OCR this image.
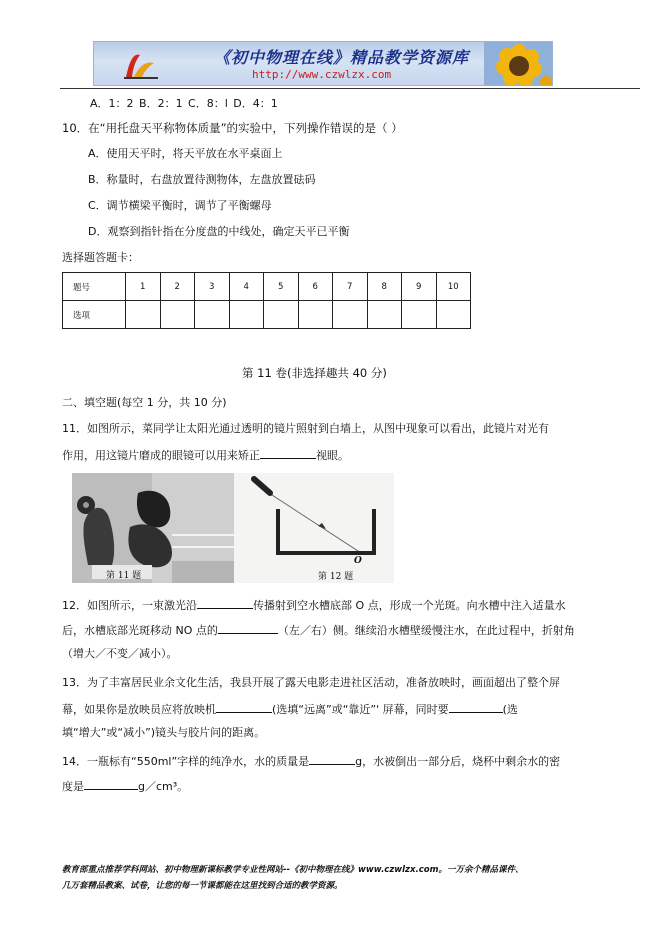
《初中物理在线》精品教学资源库
http://www.czwlzx.com
A．1：2 B．2：1 C．8：l D．4：1
10．在“用托盘天平称物体质量”的实验中，下列操作错误的是（ ）
A．使用天平时，将天平放在水平桌面上
B．称量时，右盘放置待测物体，左盘放置砝码
C．调节横梁平衡时，调节了平衡螺母
D．观察到指针指在分度盘的中线处，确定天平已平衡
选择题答题卡：
题号	1	2	3	4	5	6	7	8	9	10
选项										
第 11 卷(非选择趣共 40 分)
二、填空题(每空 1 分，共 10 分)
11．如图所示，菜同学让太阳光通过透明的镜片照射到白墙上，从图中现象可以看出，此镜片对光有
作用，用这镜片磨成的眼镜可以用来矫正	视眼。
第 11 题	第 12 题
O
12．如图所示，一束激光沿	传播射到空水槽底部 O 点，形成一个光斑。向水槽中注入适量水
后，水槽底部光斑移动 NO 点的	（左／右）侧。继续沿水槽壁缓慢注水，在此过程中，折射角
（增大／不变／减小）。
13．为了丰富居民业余文化生活，我县开展了露天电影走进社区活动，准备放映时，画面超出了整个屏
幕，如果你是放映员应将放映机	(选填“远离”或“靠近”' 屏幕，同时要	(选
填“增大”或“减小”)镜头与胶片问的距离。
14．一瓶标有“550ml”字样的纯净水，水的质量是	g，水被倒出一部分后，烧杯中剩余水的密
度是	g／cm³。
教育部重点推荐学科网站、初中物理新课标教学专业性网站--《初中物理在线》www.czwlzx.com。一万余个精品课件、
几万套精品教案、试卷，让您的每一节课都能在这里找到合适的教学资源。
